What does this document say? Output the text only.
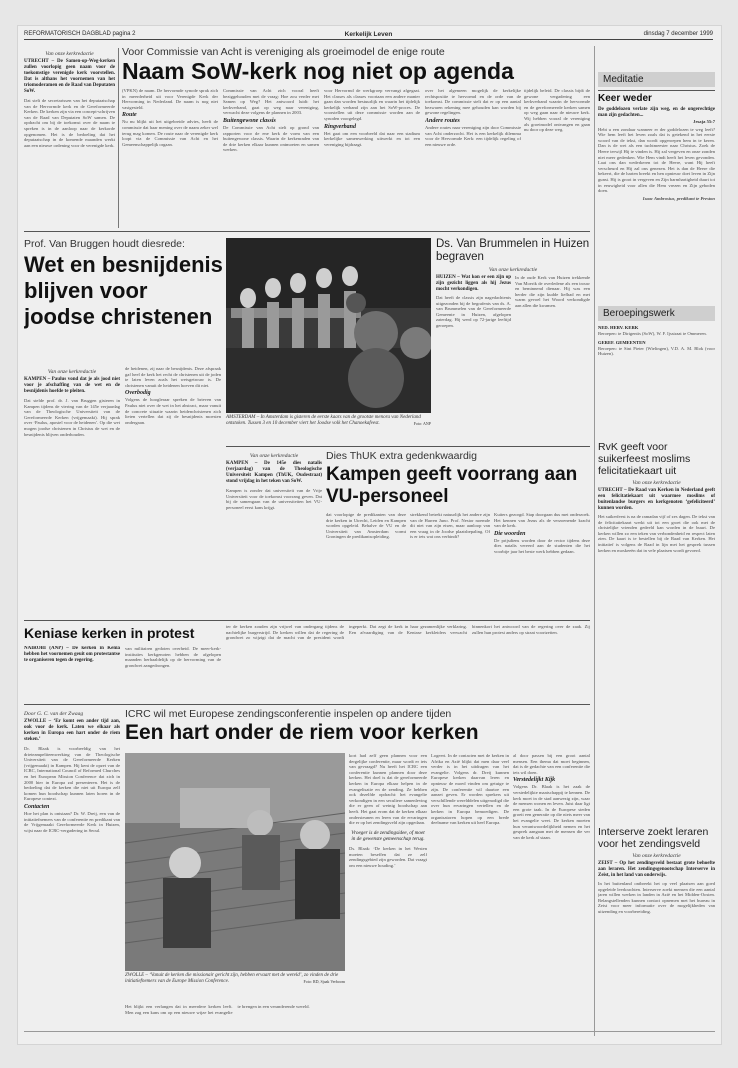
REFORMATORISCH DAGBLAD pagina 2	Kerkelijk Leven	dinsdag 7 december 1999
Van onze kerkredactie
UTRECHT – De Samen-op-Weg-kerken zullen voorlopig geen naam voor de toekomstige verenigde kerk voorstellen. Dat is althans het voornemen van het triomoderamen en de Raad van Deputaten SoW.
Dat stelt de secretarissen van het deputaatschap van de Hervormde kerk en de Gereformeerde Kerken. De kerken zijn via een concept-schrijven van de Raad van Deputaten SoW samen. De opdracht om bij de toekomst over de naam te spreken is in de aanloop naar de kerkorde opgenomen. Het is de bedoeling dat het deputaatschap in de komende maanden werkt aan een nieuwe ordening voor de verenigde kerk.
Voor Commissie van Acht is vereniging als groeimodel de enige route
Naam SoW-kerk nog niet op agenda
(VPKN) de naam. De hervormde synode sprak zich in meerderheid uit voor Verenigde Kerk der Hervorming in Nederland. De naam is nog niet vastgesteld.
Route
Nu nu blijkt uit het uitgebreide advies, heeft de commissie dat haar mening over de naam zeker wel terug mag komen. De route naar de verenigde kerk loopt via de Commissie van Acht en het Gemeenschappelijk orgaan.
Commissie van Acht zich vooral heeft beziggehouden met de vraag: Hoe zou verder met Samen op Weg? Het antwoord luidt: het kerkverband, gaat op weg naar vereniging, verwacht deze volgens de plannen in 2003.
Buitengewone classis
De Commissie van Acht stelt op grond van rapporten voor de ene kerk de vorm van een buitengewone classis. Waarin de kerkenraden van de drie kerken elkaar kunnen ontmoeten en samen werken.
voor Hervormd de werkgroep vervangt afgegaat. Het classes als classes voortaan een andere manier gaan dan worden bestuurlijk en waarin het tijdelijk kerkelijk verband zijn aan het SoW-proces. De voorstellen uit deze commissie worden aan de synoden voorgelegd.
Ringverband
Het gaat om een voorbeeld dat naar een stadium kerkelijke samenwerking uitwerkt en tot een vereniging bijdraagt.
over het algemeen mogelijk de kerkelijke rechtspositie te hervormd en de orde van de toekomst. De commissie stelt dat er op een aantal bezwaren rekening mee gehouden kan worden bij gewone regelingen.
Andere routes
Andere routes naar vereniging zijn door Commissie van Acht onderzocht. Het is een kerkelijk dilemma voor de Hervormde Kerk: een tijdelijk regeling of een nieuwe orde.
tijdelijk beleid. De classis bijdt de gewone vergadering een kerkverband waarin de hervormde en de gereformeerde kerken samen op weg gaan naar de nieuwe kerk. Wij hebben vooral de vereniging als groeimodel ontvangen en gaan nu door op deze weg.
Meditatie
Keer weder
De goddelozen verlate zijn weg, en de ongerechtige man zijn gedachten...
Jesaja 55:7
Hebt u een zondaar wanneer er der goddelozen te weg leeft? Wie hem leeft het leven zoals dat is getekend in het eerste woord van de tekst, dan wordt opgeroepen hem in te keren. Dan is de wet als een tuchtmeester naar Christus. Zoek de Heere terwijl Hij te vinden is. Hij zal vergeven en onze zonden niet meer gedenken. Wie Hem vindt heeft het leven gevonden. Laat ons dan wederkeren tot de Heere, want Hij heeft verscheurd en Hij zal ons genezen. Het is dan de Heere die bekeert, die de harten breekt en hen opnieuw doet leven in Zijn gunst. Hij is groot in vergeven en Zijn barmhartigheid duurt tot in eeuwigheid voor allen die Hem vrezen en Zijn geboden doen.
Isaac Ambrosius, predikant te Preston
Beroepingswerk
NED. HERV. KERK
Beroepen: te Dirigentis (SoW), W. F. Ijsstraat te Ommeren.
GEREF. GEMEENTEN
Beroepen: te Sint Pieter (Wielingen), V.D. A. M. Blok (voor Huizen).
RvK geeft voor suikerfeest moslims felicitatiekaart uit
Van onze kerkredactie
UTRECHT – De Raad van Kerken in Nederland geeft een felicitatiekaart uit waarmee moslims of buitenlandse burgers en kerkgenoten ‘gefeliciteerd’ kunnen worden.
Het suikerfeest is na de ramadan vijf of zes dagen. De tekst van de felicitatiekaart werkt uit tot een groet die ook met de christelijke vrienden gedeeld kan worden in de buurt. De kerken willen zo een teken van verbondenheid en respect laten zien. De kaart is te bestellen bij de Raad van Kerken. Het initiatief is volgens de Raad in lijn met het gesprek tussen kerken en moskeeën dat in vele plaatsen wordt gevoerd.
Interserve zoekt leraren voor het zendingsveld
Van onze kerkredactie
ZEIST – Op het zendingsveld bestaat grote behoefte aan leraren. Het zendingsgenootschap Interserve in Zeist, in het land van onderwijs.
In het buitenland ontbreekt het op veel plaatsen aan goed opgeleide leerkrachten. Interserve zoekt mensen die een aantal jaren willen werken in landen in Azië en het Midden-Oosten. Belangstellenden kunnen contact opnemen met het bureau in Zeist voor meer informatie over de mogelijkheden van uitzending en voorbereiding.
Prof. Van Bruggen houdt diesrede:
Wet en besnijdenis blijven voor joodse christenen
Van onze kerkredactie
KAMPEN – Paulus vond dat je als jood niet voor je afschaffing van de wet en de besnijdenis hoefde te pleiten.
Dat stelde prof. dr. J. van Bruggen gisteren in Kampen tijdens de viering van de 145e verjaardag van de Theologische Universiteit van de Gereformeerde Kerken (vrijgemaakt). Hij sprak over ‘Paulus, apostel voor de heidenen’. Op die wet mogen joodse christenen in Christus de wet en de besnijdenis blijven onderhouden.
de heidenen, zij naar de besnijdenis. Deze afspraak gaf heel de kerk het recht de christenen uit de joden te laten leven zoals het wetsgetrouw is. De christenen vanuit de heidenen hoeven dit niet.
Overbodig
Volgens de hoogleraar spreken de brieven van Paulus niet over de wet in het abstract, maar vanuit de concrete situatie waarin heidenchristenen zich lieten vertellen dat zij de besnijdenis moesten ondergaan.
AMSTERDAM – In Amsterdam is gisteren de eerste kaars van de grootste menora van Nederland ontstoken. Tussen 3 en 10 december viert het Joodse volk het Chanoekafeest.	Foto: ANP
Ds. Van Brummelen in Huizen begraven
Van onze kerkredactie
HUIZEN – Wat kon er een zijn op zijn gezicht liggen als hij Jezus mocht verkondigen.
Dat heeft de classis zijn nagedachtenis uitgezonden bij de begrafenis van ds. A. van Brummelen van de Gereformeerde Gemeente in Huizen, afgelopen zaterdag. Hij werd op 72-jarige leeftijd geroepen.
In de oude Kerk van Huizen trekkende Van Moerik de overledene als een trouw en beminnend dienaar. Hij was een herder die zijn kudde liefhad en met warm gevoel het Woord verkondigde aan allen die kwamen.
Van onze kerkredactie
KAMPEN – De 145e dies natalis (verjaardag) van de Theologische Universiteit Kampen (ThUK, Oudestraat) stond vrijdag in het teken van SoW.
Kampen is zonder dat universiteit van de Vrije Universiteit voor de toekomst voorrang geven. Dat bij de samengaan van de universiteiten het VU-personeel eerst kans krijgt.
Dies ThUK extra gedenkwaardig
Kampen geeft voorrang aan VU-personeel
dat voorlopige de predikanten van deze drie kerken in Utrecht, Leiden en Kampen worden opgeleid. Behalve de VU en de Universiteit van Amsterdam vormt Groningen de predikantsopleiding.
strekkend betrekt natuurlijk het andere zijn van de Harren Juno. Prof. Nestor noemde dit niet van zijn eisen, maar aanloop van een vraag in de Joodse plaatsbepaling. Of is er iets wat ons verbindt?
Kuiters gezorgd. Stap doorgaan dus met onderzoek. Het kennen van Jezus als de verzoenende kracht van de kerk.
Die woorden
De prijsdiens worden door de rector tijdens deze dies natalis vereerd aan de studenten die het voorbije jaar het beste werk hebben gedaan.
Keniase kerken in protest
NAIROBI (ANP) – De kerken in Kenia hebben het voornemen geuit om protestantse te organiseren tegen de regering.
van militairen gedoten overheid. De meer-kerk-instituties kerkgenoten hebben de afgelopen maanden herhaaldelijk op de hervorming van de grondwet aangedrongen.
ter de kerken zouden zijn vrijwel van ondergang tijdens de nachtelijke burgerstrijd. De kerken willen dat de regering de grondwet zo wijzigt dat de macht van de president wordt ingeperkt. Dat zegt de kerk in haar gezamenlijke verklaring. Een afvaardiging van de Keniase kerkleiders verwacht binnenkort het antwoord van de regering over de zaak. Zij zullen hun protest anders op straat voortzetten.
Door G. C. van der Zwaag
ZWOLLE – ‘Er komt een ander tijd aan, ook voor de kerk. Laten we elkaar als kerken in Europa een hart onder de riem steken.’
Dr. Blaak is voorbeeldig van het drieteampeliteenwerking van de Theologische Universiteit van de Gereformeerde Kerken (vrijgemaakt) in Kampen. Hij kent de opzet van de ICRC, International Council of Reformed Churches en het European Mission Conference dat zich in 2000 hier in Europa zal presenteren. Het is de bedoeling dat de kerken die niet uit Europa zelf komen hun boodschap kunnen laten horen in de Europese context.
Contacten
Hoe het plan is ontstaan? Dr. W. Dreij, een van de initiatiefnemers van de conferentie en predikant van de Vrijgemaakt Gereformeerde Kerk in Huizen, wijst naar de ICRC-vergadering in Seoul.
ICRC wil met Europese zendingsconferentie inspelen op andere tijden
Een hart onder de riem voor kerken
ZWOLLE – ‘Vanuit de kerken die missionair gericht zijn, hebben ervaart met de wereld’, zo vinden de drie initiatiefnemers van de Europe Mission Conference.	Foto: RD, Sjaak Verboom
Het blijkt een verlangen dat in meerdere kerken leeft. Men zag een kans om op een nieuwe wijze het evangelie te brengen in een veranderende wereld.
kort had zelf geen plannen voor een dergelijke conferentie, maar wordt er iets van gevraagd? Nu heeft het ICRC een conferentie kunnen plannen door deze kerken. Het doel is dat de gereformeerde kerken in Europa elkaar helpen in de evangelisatie en de zending. Ze hebben ook dezelfde opdracht: het evangelie verkondigen in een seculiere samenleving die er geen of weinig boodschap aan heeft. Het gaat erom dat de kerken elkaar ondersteunen en leren van de ervaringen die er op het zendingsveld zijn opgedaan.
Vroeger is de zendingsidee, of moet in de gewenste gemeenschap terug.
Ds. Blaak: ‘De kerken in het Westen moeten beseffen dat ze zelf zendingsgebied zijn geworden. Dat vraagt om een nieuwe houding.’
Logeert. In de contacten met de kerken in Afrika en Azië blijkt dat men daar veel verder is in het uitdragen van het evangelie. Volgens dr. Dreij kunnen Europese kerken daarvan leren en opnieuw de moed vinden om getuige te zijn. De conferentie wil daartoe een aanzet geven. Er worden sprekers uit verschillende werelddelen uitgenodigd die over hun ervaringen vertellen en de kerken in Europa bemoedigen. De organisatoren hopen op een brede deelname van kerken uit heel Europa.
al door passen bij een groot aantal mensen. Een thema dat moet beginnen, dat is de gedachte van een conferentie die iets wil doen.
Verstedelijkt Kijk
Volgens Dr. Blaak is het zaak de verstedelijkte maatschappij te kennen. De kerk moet in de stad aanwezig zijn, waar de mensen wonen en leven. Juist daar ligt een grote taak. In de Europese steden groeit een generatie op die niets meer van het evangelie weet. De kerken moeten hun verantwoordelijkheid nemen en het gesprek aangaan met de mensen die ver van de kerk af staan.
